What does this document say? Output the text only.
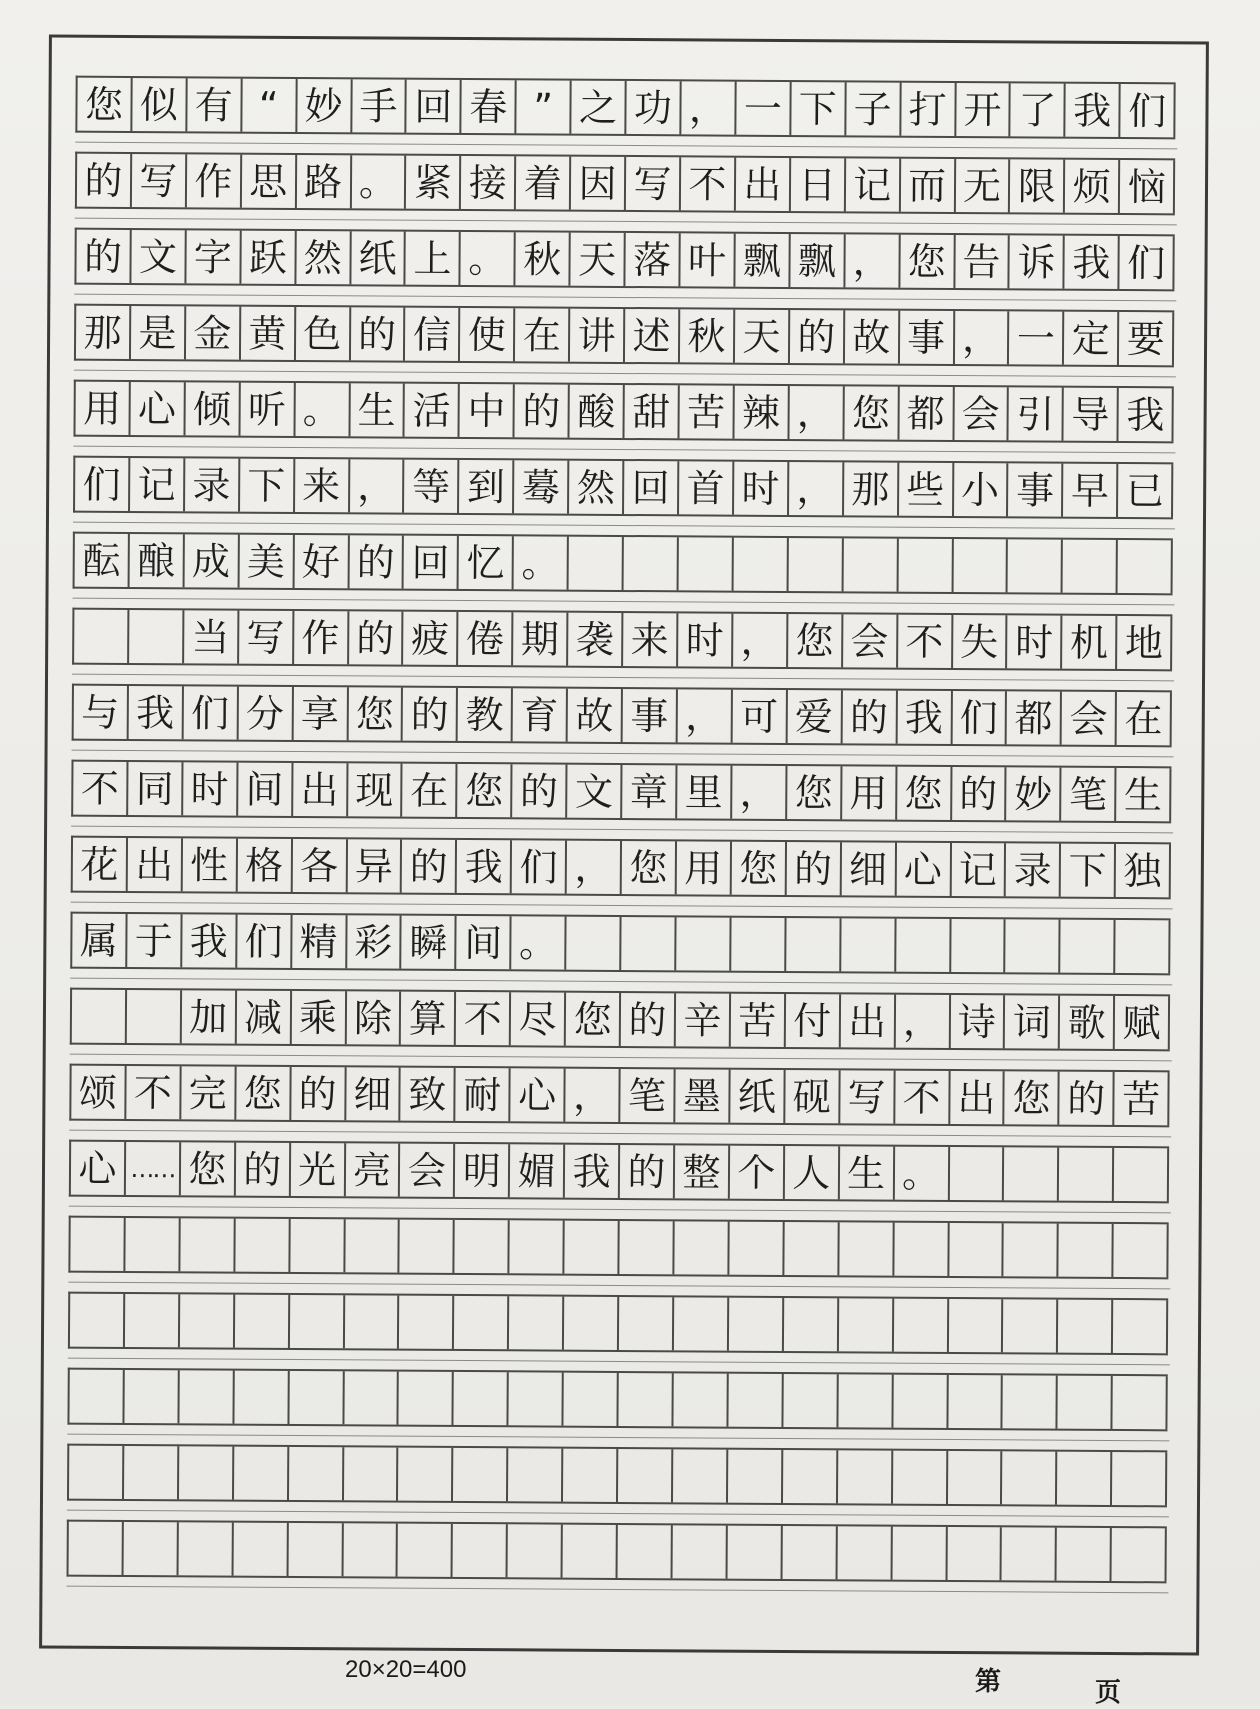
您 似 有 “ 妙 手 回 春 ” 之 功 ， 一 下 子 打 开 了 我 们
的 写 作 思 路 。 紧 接 着 因 写 不 出 日 记 而 无 限 烦 恼
的 文 字 跃 然 纸 上 。 秋 天 落 叶 飘 飘 ， 您 告 诉 我 们
那 是 金 黄 色 的 信 使 在 讲 述 秋 天 的 故 事 ， 一 定 要
用 心 倾 听 。 生 活 中 的 酸 甜 苦 辣 ， 您 都 会 引 导 我
们 记 录 下 来 ， 等 到 蓦 然 回 首 时 ， 那 些 小 事 早 已
酝 酿 成 美 好 的 回 忆 。
当 写 作 的 疲 倦 期 袭 来 时 ， 您 会 不 失 时 机 地
与 我 们 分 享 您 的 教 育 故 事 ， 可 爱 的 我 们 都 会 在
不 同 时 间 出 现 在 您 的 文 章 里 ， 您 用 您 的 妙 笔 生
花 出 性 格 各 异 的 我 们 ， 您 用 您 的 细 心 记 录 下 独
属 于 我 们 精 彩 瞬 间 。
加 减 乘 除 算 不 尽 您 的 辛 苦 付 出 ， 诗 词 歌 赋
颂 不 完 您 的 细 致 耐 心 ， 笔 墨 纸 砚 写 不 出 您 的 苦
心 …… 您 的 光 亮 会 明 媚 我 的 整 个 人 生 。
20×20=400	第	页
